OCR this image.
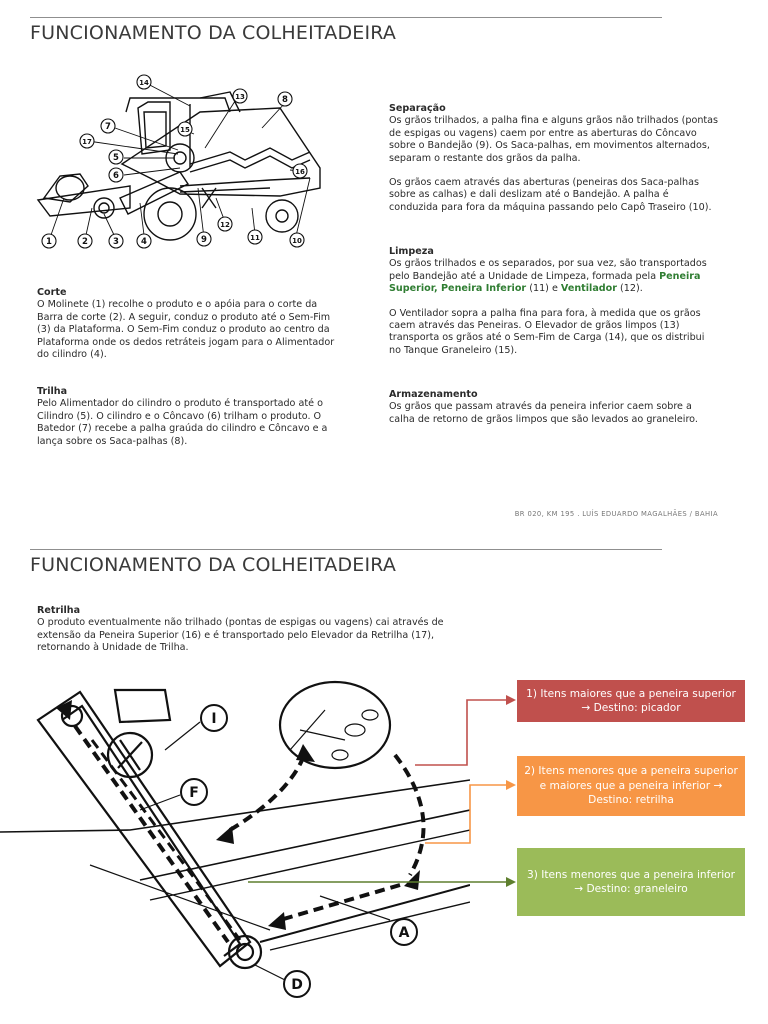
FUNCIONAMENTO DA COLHEITADEIRA
1	2	3	4
5
6
7
8
9	10
11
12
13
14
15
16
17
Corte

O Molinete (1) recolhe o produto e o apóia para o corte da Barra de corte (2). A seguir, conduz o produto até o Sem-Fim (3) da Plataforma. O Sem-Fim conduz o produto ao centro da Plataforma onde os dedos retráteis jogam para o Alimentador do cilindro (4).

Trilha

Pelo Alimentador do cilindro o produto é transportado até o Cilindro (5). O cilindro e o Côncavo (6) trilham o produto. O Batedor (7) recebe a palha graúda do cilindro e Côncavo e a lança sobre os Saca-palhas (8).

Separação

Os grãos trilhados, a palha fina e alguns grãos não trilhados (pontas de espigas ou vagens) caem por entre as aberturas do Côncavo sobre o Bandejão (9). Os Saca-palhas, em movimentos alternados, separam o restante dos grãos da palha.

Os grãos caem através das aberturas (peneiras dos Saca-palhas sobre as calhas) e dali deslizam até o Bandejão. A palha é conduzida para fora da máquina passando pelo Capô Traseiro (10).

Limpeza

Os grãos trilhados e os separados, por sua vez, são transportados pelo Bandejão até a Unidade de Limpeza, formada pela Peneira Superior, Peneira Inferior (11) e Ventilador (12).

O Ventilador sopra a palha fina para fora, à medida que os grãos caem através das Peneiras. O Elevador de grãos limpos (13) transporta os grãos até o Sem-Fim de Carga (14), que os distribui no Tanque Graneleiro (15).

Armazenamento

Os grãos que passam através da peneira inferior caem sobre a calha de retorno de grãos limpos que são levados ao graneleiro.

BR 020, KM 195 . LUÍS EDUARDO MAGALHÃES / BAHIA
FUNCIONAMENTO DA COLHEITADEIRA
Retrilha

O produto eventualmente não trilhado (pontas de espigas ou vagens) cai através de extensão da Peneira Superior (16) e é transportado pelo Elevador da Retrilha (17), retornando à Unidade de Trilha.

I
F
A
D
1) Itens maiores que a peneira superior → Destino: picador
2) Itens menores que a peneira superior e maiores que a peneira inferior → Destino: retrilha
3) Itens menores que a peneira inferior → Destino: graneleiro
